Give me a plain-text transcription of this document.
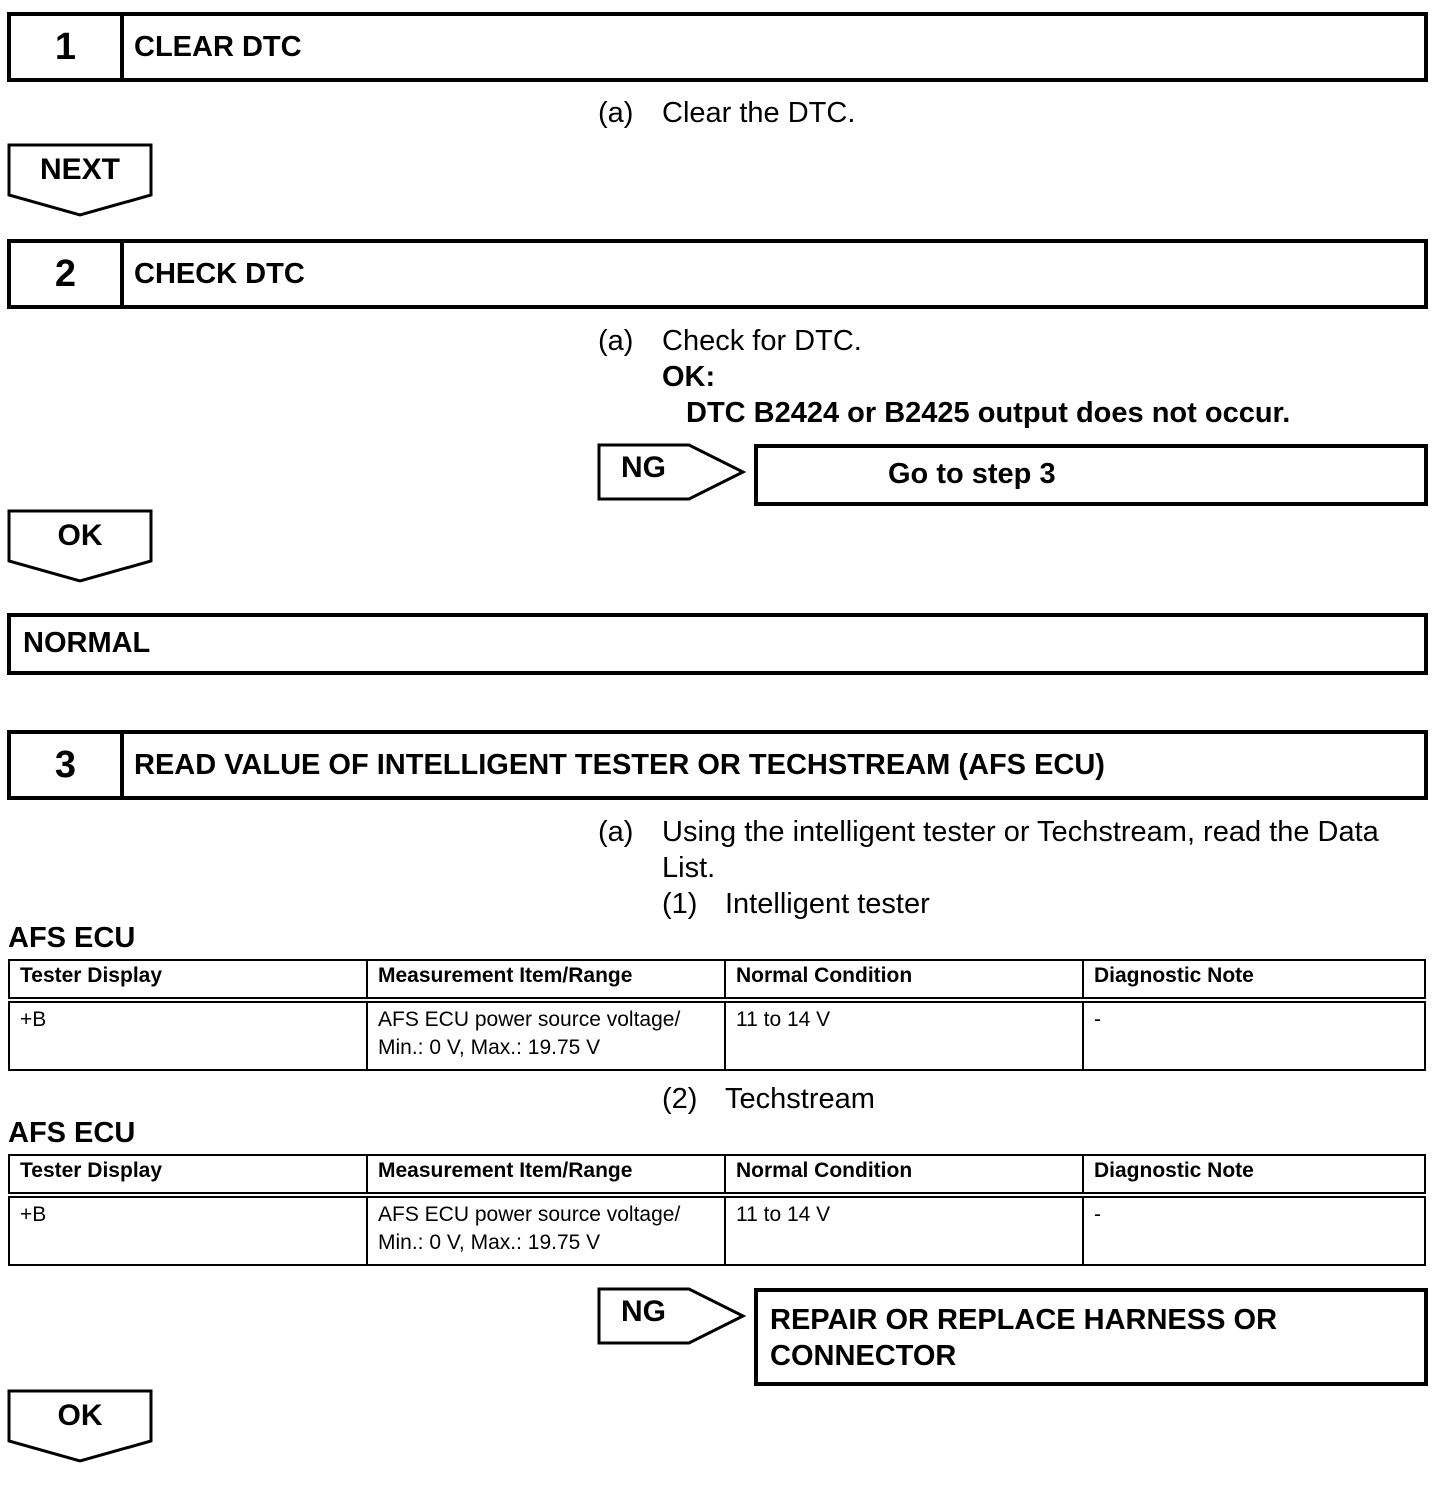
1	CLEAR DTC
(a) Clear the DTC.
NEXT
2	CHECK DTC
(a) Check for DTC.
OK:
DTC B2424 or B2425 output does not occur.
NG	Go to step 3
OK
NORMAL
3	READ VALUE OF INTELLIGENT TESTER OR TECHSTREAM (AFS ECU)
(a) Using the intelligent tester or Techstream, read the Data
List.
(1) Intelligent tester
AFS ECU
Tester Display	Measurement Item/Range	Normal Condition	Diagnostic Note
+B	AFS ECU power source voltage/
Min.: 0 V, Max.: 19.75 V	11 to 14 V	-
(2) Techstream
AFS ECU
Tester Display	Measurement Item/Range	Normal Condition	Diagnostic Note
+B	AFS ECU power source voltage/
Min.: 0 V, Max.: 19.75 V	11 to 14 V	-
NG	REPAIR OR REPLACE HARNESS OR
CONNECTOR
OK
